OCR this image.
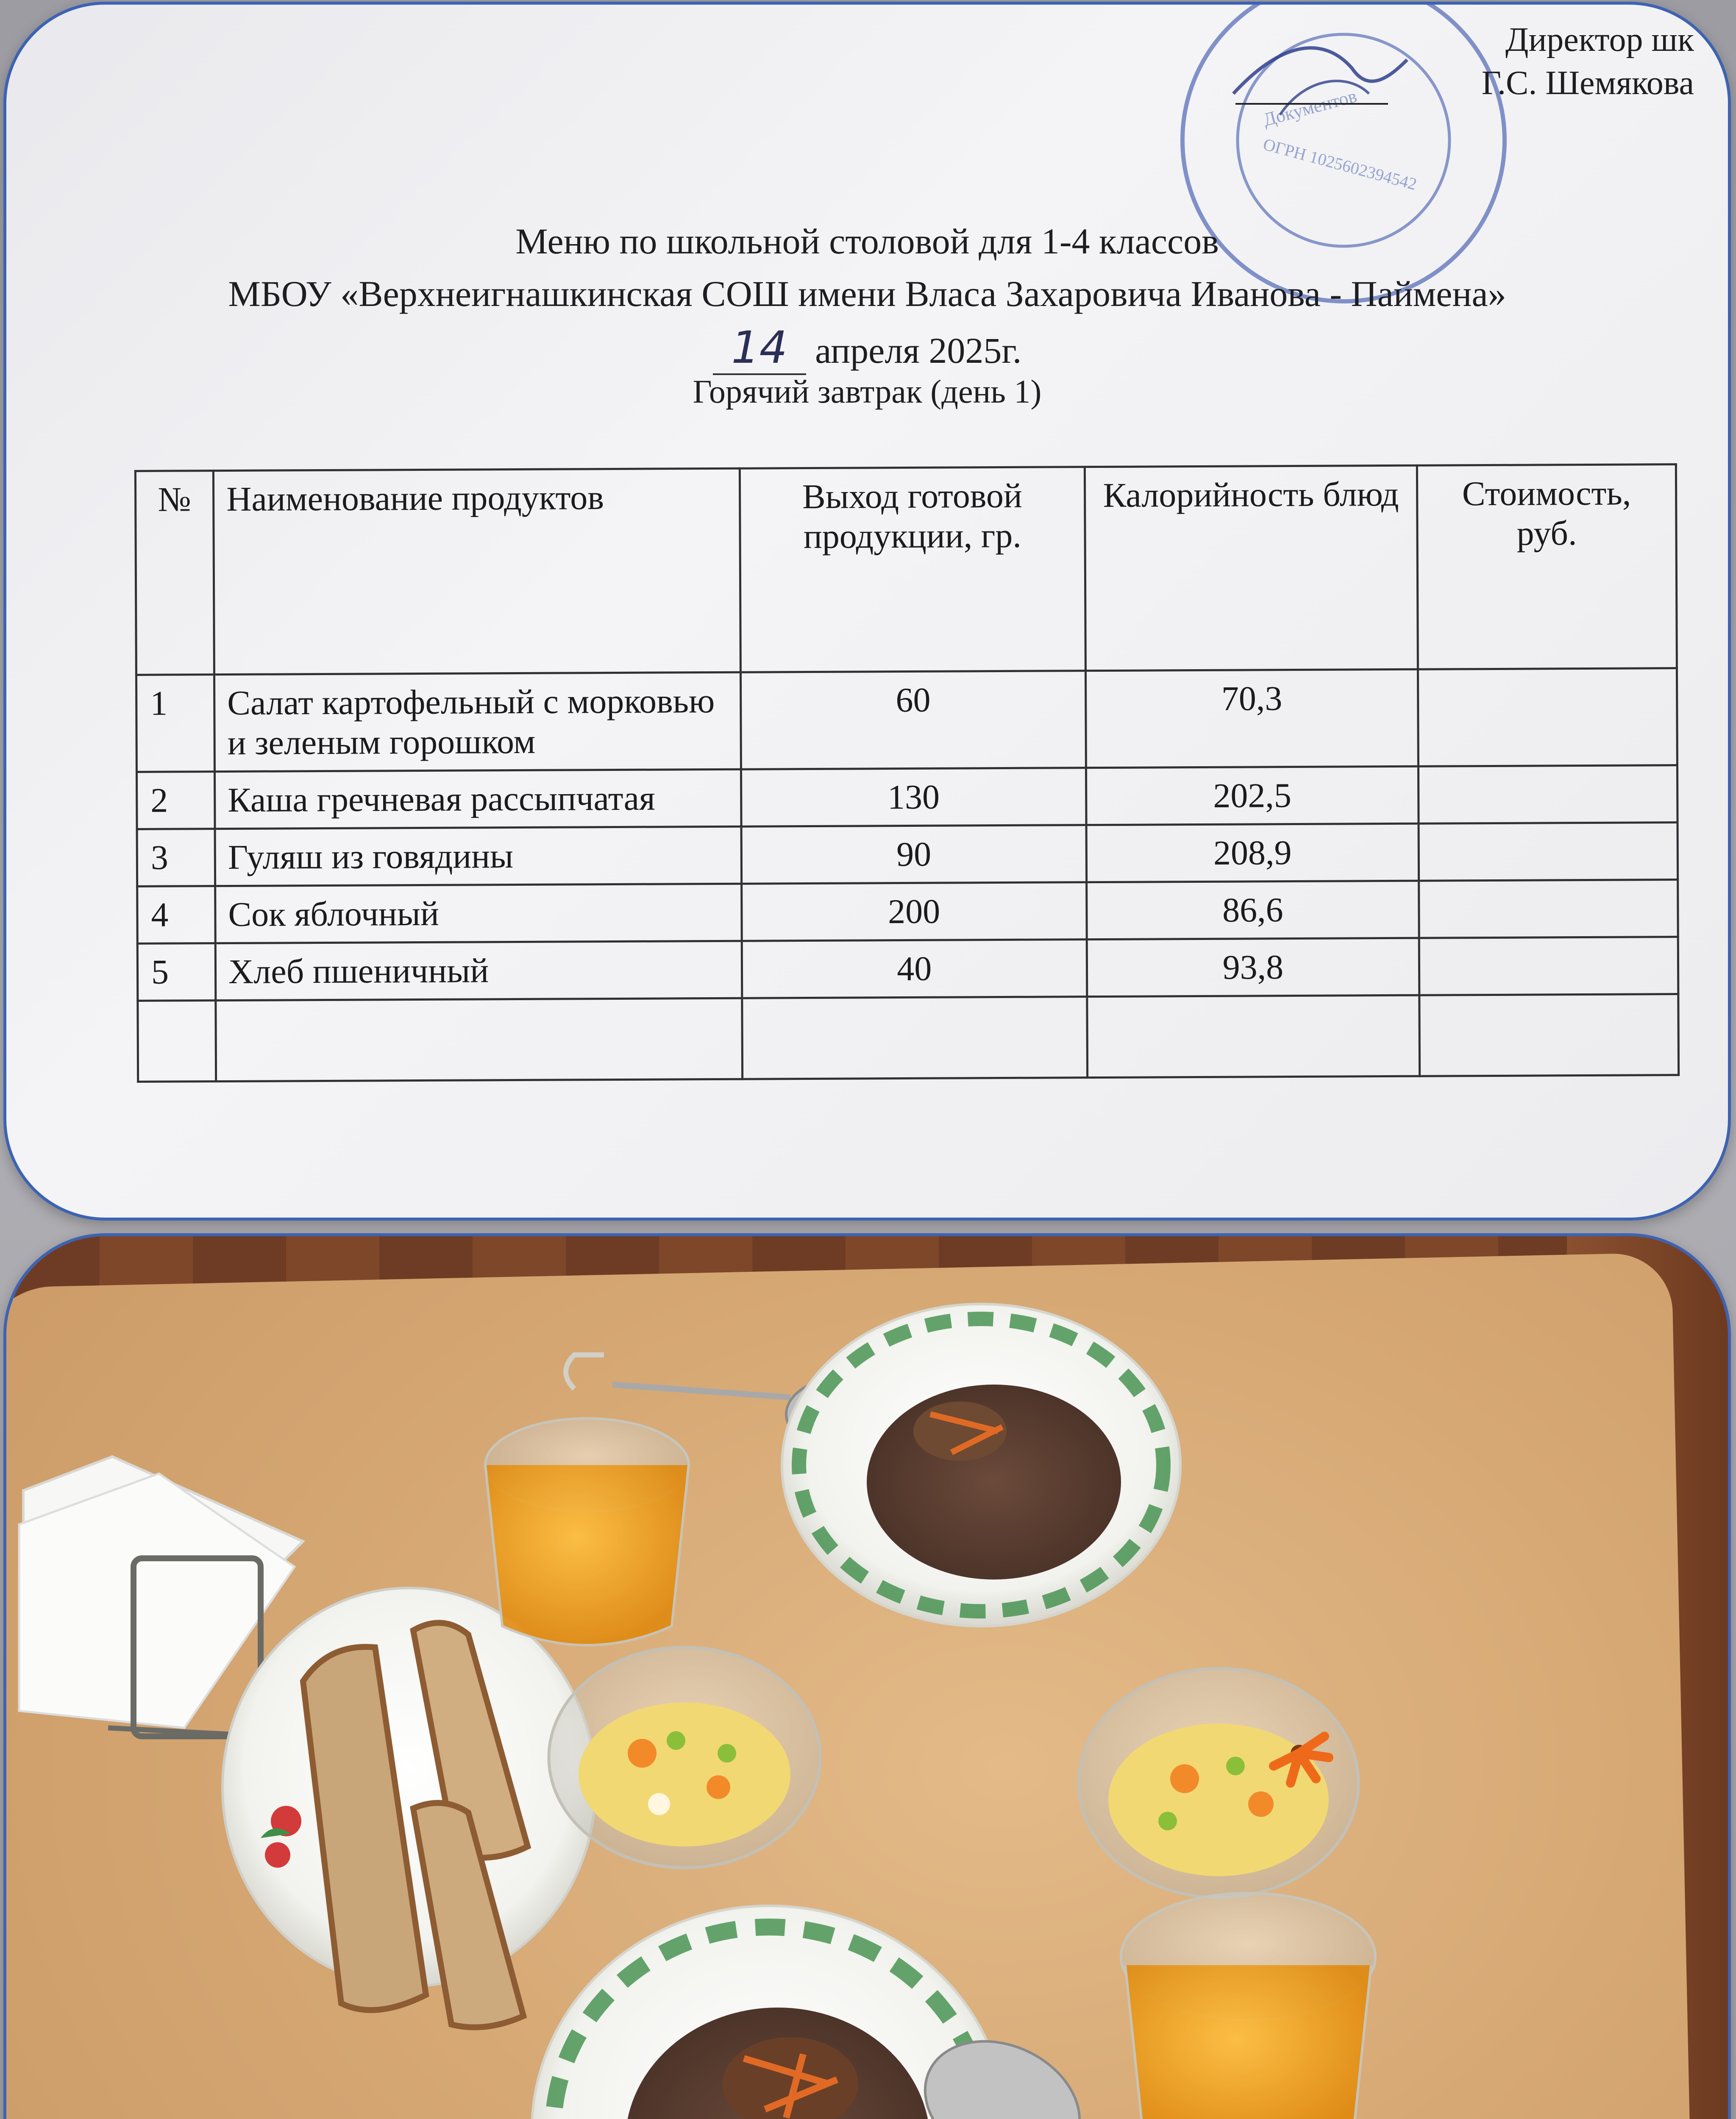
Документов
ОГРН 1025602394542
Директор шк
Г.С. Шемякова
Меню по школьной столовой для 1-4 классов
МБОУ «Верхнеигнашкинская СОШ имени Власа Захаровича Иванова - Паймена»
14 апреля 2025г.
Горячий завтрак (день 1)
№	Наименование продуктов	Выход готовой продукции, гр.	Калорийность блюд	Стоимость, руб.
1	Салат картофельный с морковью и зеленым горошком	60	70,3	
2	Каша гречневая рассыпчатая	130	202,5	
3	Гуляш из говядины	90	208,9	
4	Сок яблочный	200	86,6	
5	Хлеб пшеничный	40	93,8	
